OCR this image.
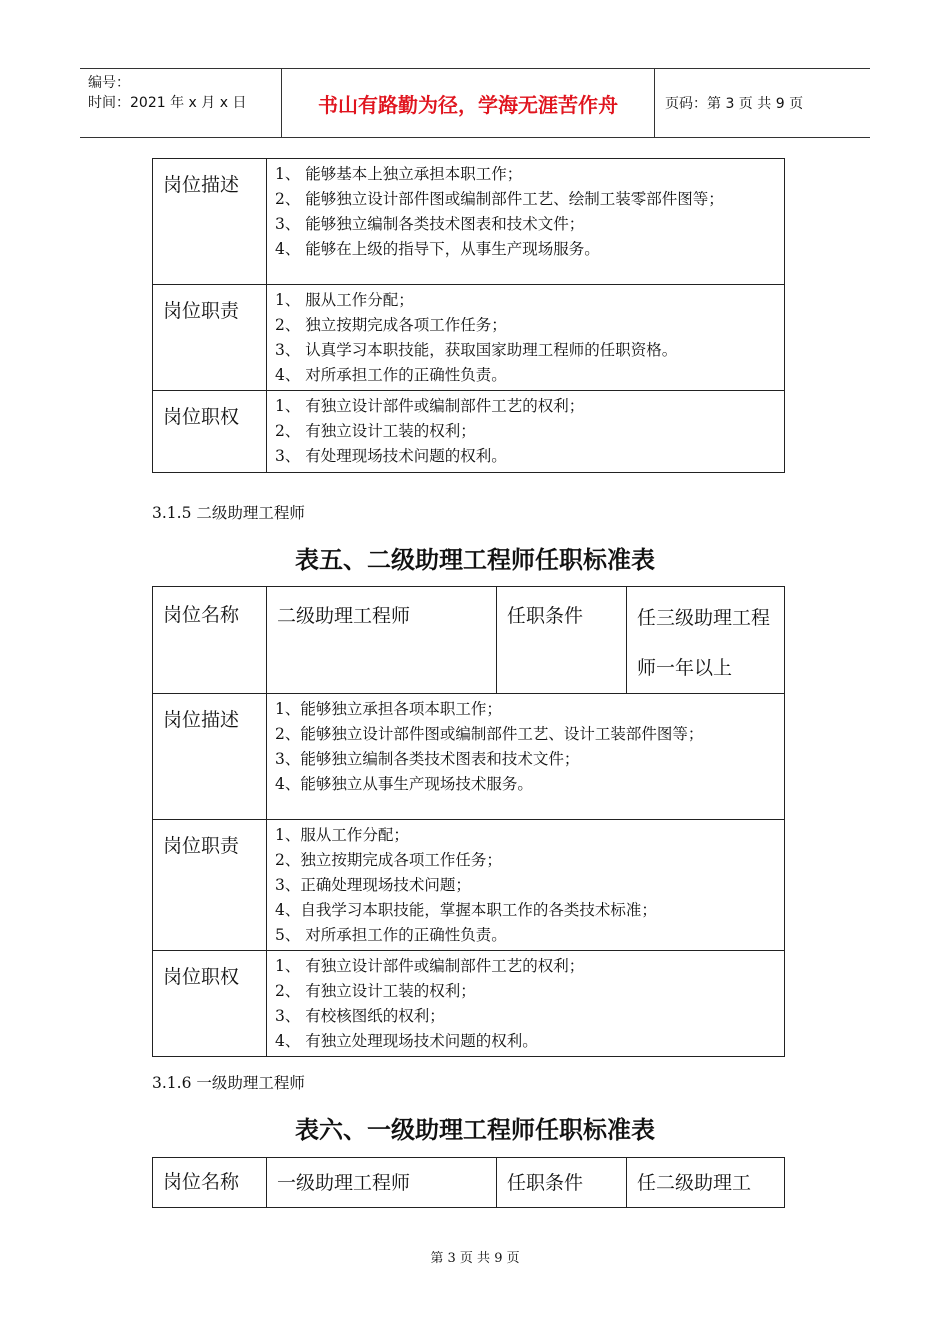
编号：
时间：2021 年 x 月 x 日	书山有路勤为径，学海无涯苦作舟	页码：第 3 页 共 9 页
岗位描述	1、 能够基本上独立承担本职工作；
2、 能够独立设计部件图或编制部件工艺、绘制工装零部件图等；
3、 能够独立编制各类技术图表和技术文件；
4、 能够在上级的指导下，从事生产现场服务。

岗位职责	1、 服从工作分配；
2、 独立按期完成各项工作任务；
3、 认真学习本职技能，获取国家助理工程师的任职资格。
4、 对所承担工作的正确性负责。

岗位职权	1、 有独立设计部件或编制部件工艺的权利；
2、 有独立设计工装的权利；
3、 有处理现场技术问题的权利。
3.1.5 二级助理工程师
表五、二级助理工程师任职标准表
岗位名称	二级助理工程师	任职条件	任三级助理工程师一年以上
岗位描述	1、能够独立承担各项本职工作；
2、能够独立设计部件图或编制部件工艺、设计工装部件图等；
3、能够独立编制各类技术图表和技术文件；
4、能够独立从事生产现场技术服务。		

岗位职责	1、服从工作分配；
2、独立按期完成各项工作任务；
3、正确处理现场技术问题；
4、自我学习本职技能，掌握本职工作的各类技术标准；
5、 对所承担工作的正确性负责。		

岗位职权	1、 有独立设计部件或编制部件工艺的权利；
2、 有独立设计工装的权利；
3、 有校核图纸的权利；
4、 有独立处理现场技术问题的权利。		
3.1.6 一级助理工程师
表六、一级助理工程师任职标准表
岗位名称	一级助理工程师	任职条件	任二级助理工
第 3 页 共 9 页
